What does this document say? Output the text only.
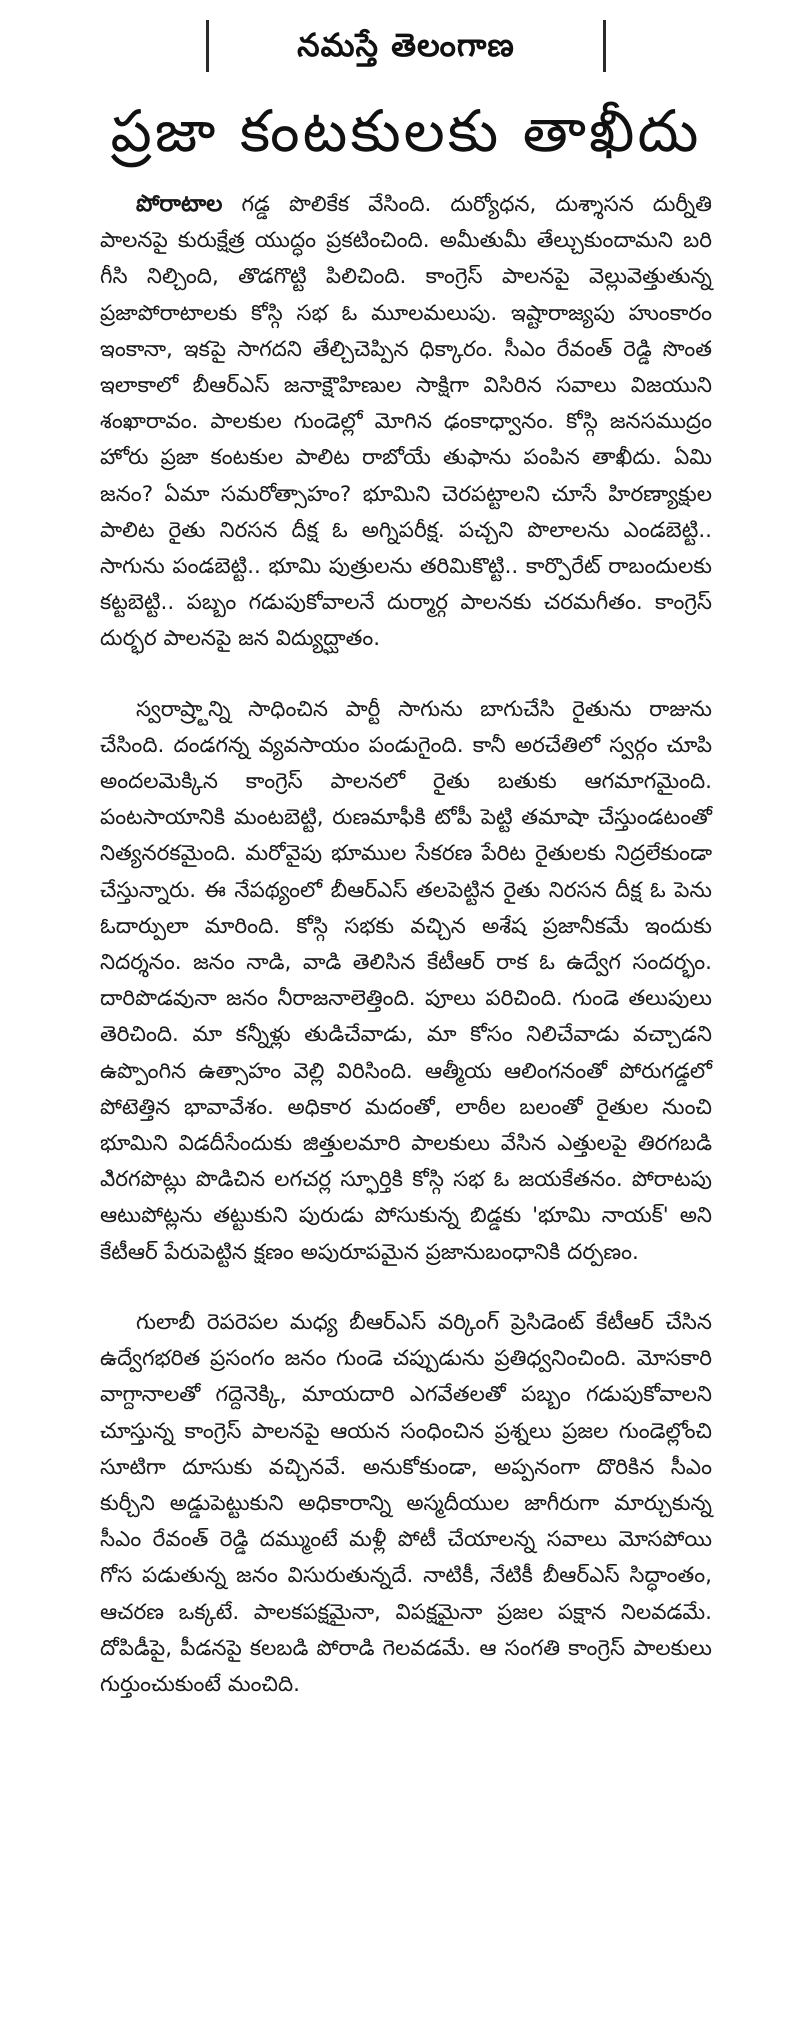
నమస్తే తెలంగాణ
ప్రజా కంటకులకు తాఖీదు

పోరాటాల గడ్డ పొలికేక వేసింది. దుర్యోధన, దుశ్శాసన దుర్నీతి పాలనపై కురుక్షేత్ర యుద్ధం ప్రకటించింది. అమీతుమీ తేల్చుకుందామని బరి గీసి నిల్చింది, తొడగొట్టి పిలిచింది. కాంగ్రెస్ పాలనపై వెల్లువెత్తుతున్న ప్రజాపోరాటాలకు కోస్గి సభ ఓ మూలమలుపు. ఇష్టారాజ్యపు హుంకారం ఇంకానా, ఇకపై సాగదని తేల్చిచెప్పిన ధిక్కారం. సీఎం రేవంత్ రెడ్డి సొంత ఇలాకాలో బీఆర్ఎస్ జనాక్షౌహిణుల సాక్షిగా విసిరిన సవాలు విజయుని శంఖారావం. పాలకుల గుండెల్లో మోగిన ఢంకాధ్వానం. కోస్గి జనసముద్రం హోరు ప్రజా కంటకుల పాలిట రాబోయే తుఫాను పంపిన తాఖీదు. ఏమి జనం? ఏమా సమరోత్సాహం? భూమిని చెరపట్టాలని చూసే హిరణ్యాక్షుల పాలిట రైతు నిరసన దీక్ష ఓ అగ్నిపరీక్ష. పచ్చని పొలాలను ఎండబెట్టి.. సాగును పండబెట్టి.. భూమి పుత్రులను తరిమికొట్టి.. కార్పొరేట్ రాబందులకు కట్టబెట్టి.. పబ్బం గడుపుకోవాలనే దుర్మార్గ పాలనకు చరమగీతం. కాంగ్రెస్ దుర్భర పాలనపై జన విద్యుద్ఘాతం.

స్వరాష్ర్టాన్ని సాధించిన పార్టీ సాగును బాగుచేసి రైతును రాజును చేసింది. దండగన్న వ్యవసాయం పండుగైంది. కానీ అరచేతిలో స్వర్గం చూపి అందలమెక్కిన కాంగ్రెస్ పాలనలో రైతు బతుకు ఆగమాగమైంది. పంటసాయానికి మంటబెట్టి, రుణమాఫీకి టోపీ పెట్టి తమాషా చేస్తుండటంతో నిత్యనరకమైంది. మరోవైపు భూముల సేకరణ పేరిట రైతులకు నిద్రలేకుండా చేస్తున్నారు. ఈ నేపథ్యంలో బీఆర్ఎస్ తలపెట్టిన రైతు నిరసన దీక్ష ఓ పెను ఓదార్పులా మారింది. కోస్గి సభకు వచ్చిన అశేష ప్రజానీకమే ఇందుకు నిదర్శనం. జనం నాడి, వాడి తెలిసిన కేటీఆర్ రాక ఓ ఉద్వేగ సందర్భం. దారిపొడవునా జనం నీరాజనాలెత్తింది. పూలు పరిచింది. గుండె తలుపులు తెరిచింది. మా కన్నీళ్లు తుడిచేవాడు, మా కోసం నిలిచేవాడు వచ్చాడని ఉప్పొంగిన ఉత్సాహం వెల్లి విరిసింది. ఆత్మీయ ఆలింగనంతో పోరుగడ్డలో పోటెత్తిన భావావేశం. అధికార మదంతో, లాఠీల బలంతో రైతుల నుంచి భూమిని విడదీసేందుకు జిత్తులమారి పాలకులు వేసిన ఎత్తులపై తిరగబడి ఎిరగపొట్లు పొడిచిన లగచర్ల స్ఫూర్తికి కోస్గి సభ ఓ జయకేతనం. పోరాటపు ఆటుపోట్లను తట్టుకుని పురుడు పోసుకున్న బిడ్డకు 'భూమి నాయక్' అని కేటీఆర్ పేరుపెట్టిన క్షణం అపురూపమైన ప్రజానుబంధానికి దర్పణం.

గులాబీ రెపరెపల మధ్య బీఆర్ఎస్ వర్కింగ్ ప్రెసిడెంట్ కేటీఆర్ చేసిన ఉద్వేగభరిత ప్రసంగం జనం గుండె చప్పుడును ప్రతిధ్వనించింది. మోసకారి వాగ్దానాలతో గద్దెనెక్కి, మాయదారి ఎగవేతలతో పబ్బం గడుపుకోవాలని చూస్తున్న కాంగ్రెస్ పాలనపై ఆయన సంధించిన ప్రశ్నలు ప్రజల గుండెల్లోంచి సూటిగా దూసుకు వచ్చినవే. అనుకోకుండా, అప్పనంగా దొరికిన సీఎం కుర్చీని అడ్డుపెట్టుకుని అధికారాన్ని అస్మదీయుల జాగీరుగా మార్చుకున్న సీఎం రేవంత్ రెడ్డి దమ్ముంటే మళ్లీ పోటీ చేయాలన్న సవాలు మోసపోయి గోస పడుతున్న జనం విసురుతున్నదే. నాటికీ, నేటికీ బీఆర్ఎస్ సిద్ధాంతం, ఆచరణ ఒక్కటే. పాలకపక్షమైనా, విపక్షమైనా ప్రజల పక్షాన నిలవడమే. దోపిడీపై, పీడనపై కలబడి పోరాడి గెలవడమే. ఆ సంగతి కాంగ్రెస్ పాలకులు గుర్తుంచుకుంటే మంచిది.
